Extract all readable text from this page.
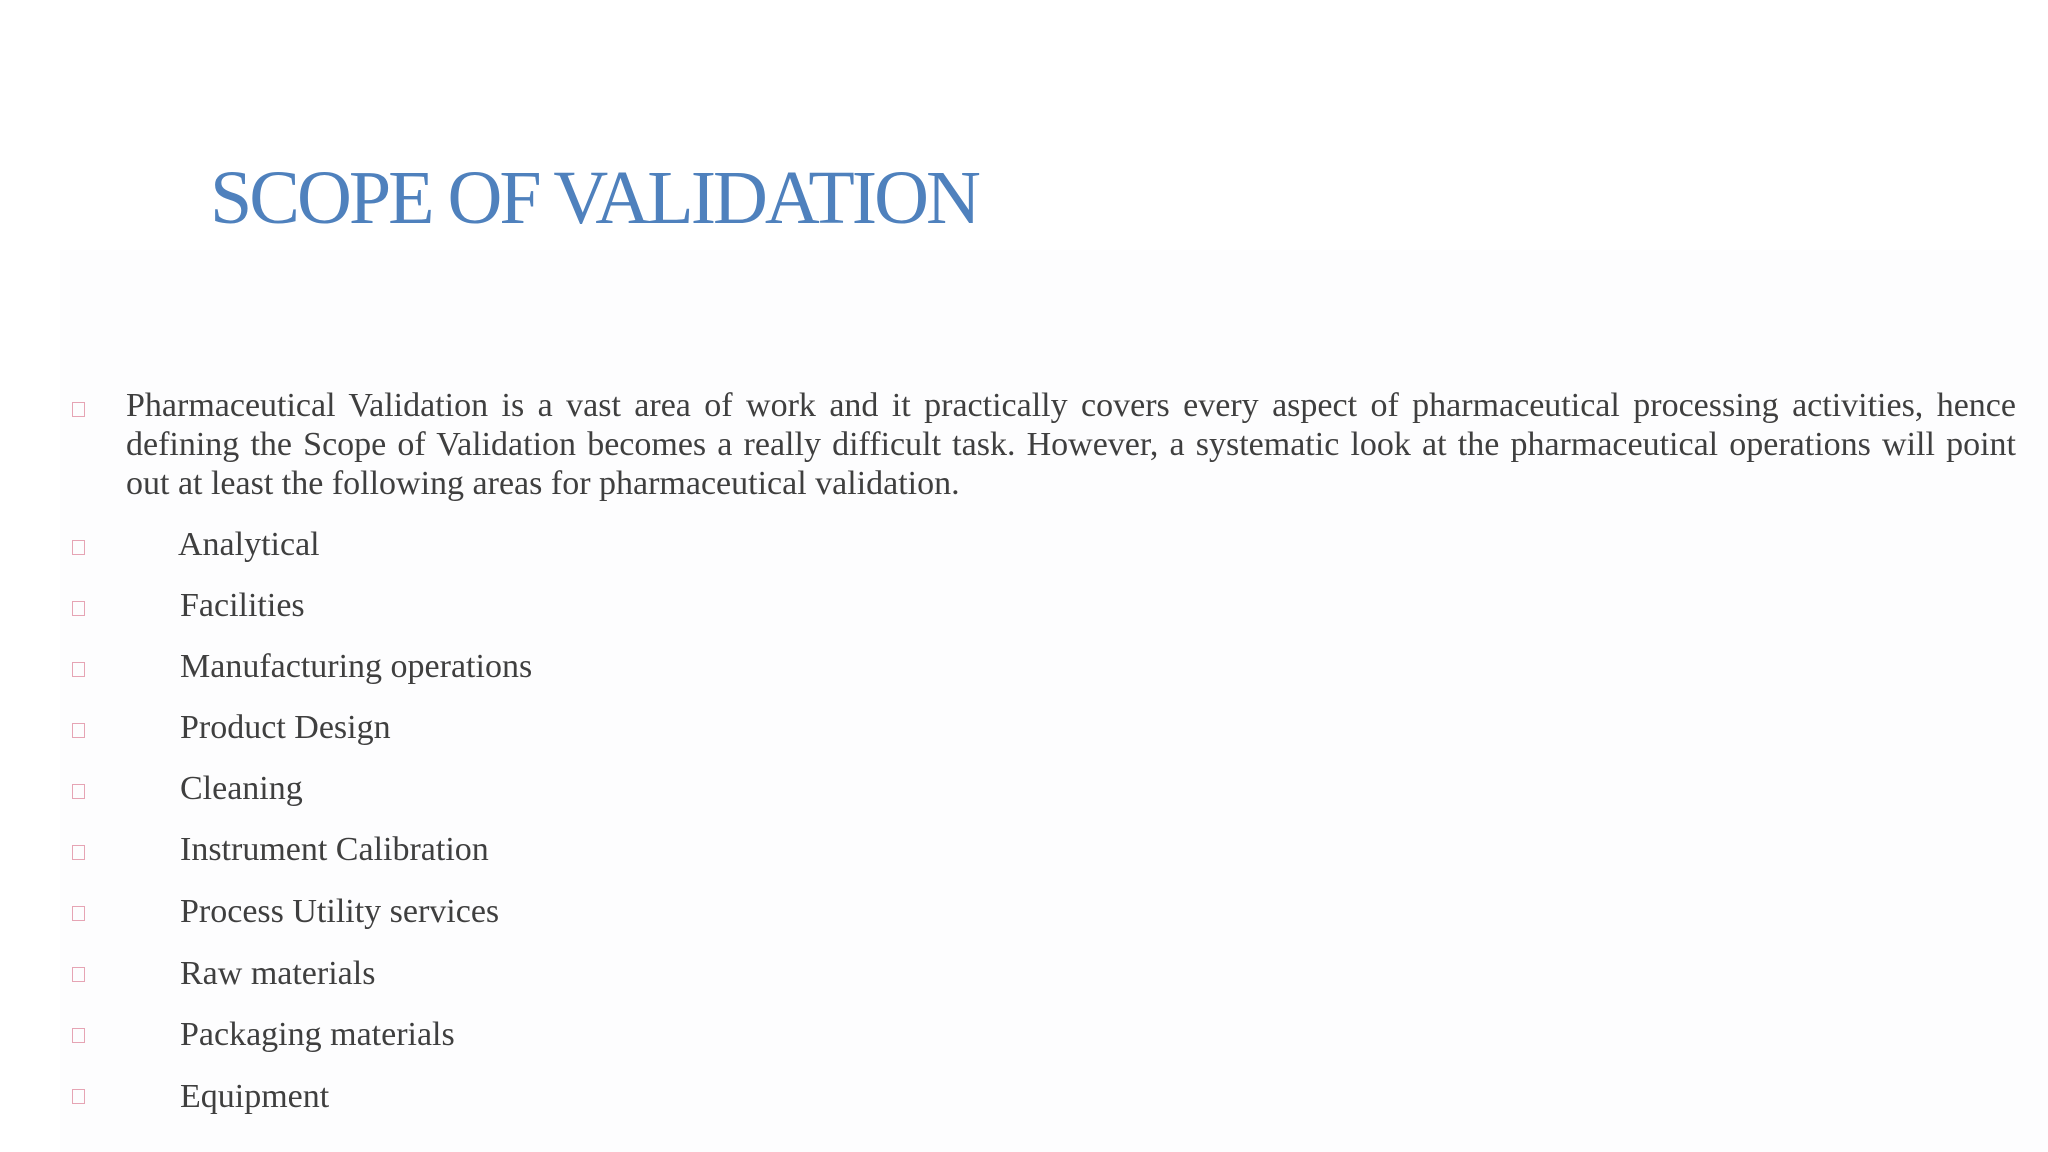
SCOPE OF VALIDATION

Pharmaceutical Validation is a vast area of work and it practically covers every aspect of pharmaceutical processing activities, hence defining the Scope of Validation becomes a really difficult task. However, a systematic look at the pharmaceutical operations will point out at least the following areas for pharmaceutical validation.

Analytical
Facilities
Manufacturing operations
Product Design
Cleaning
Instrument Calibration
Process Utility services
Raw materials
Packaging materials
Equipment
